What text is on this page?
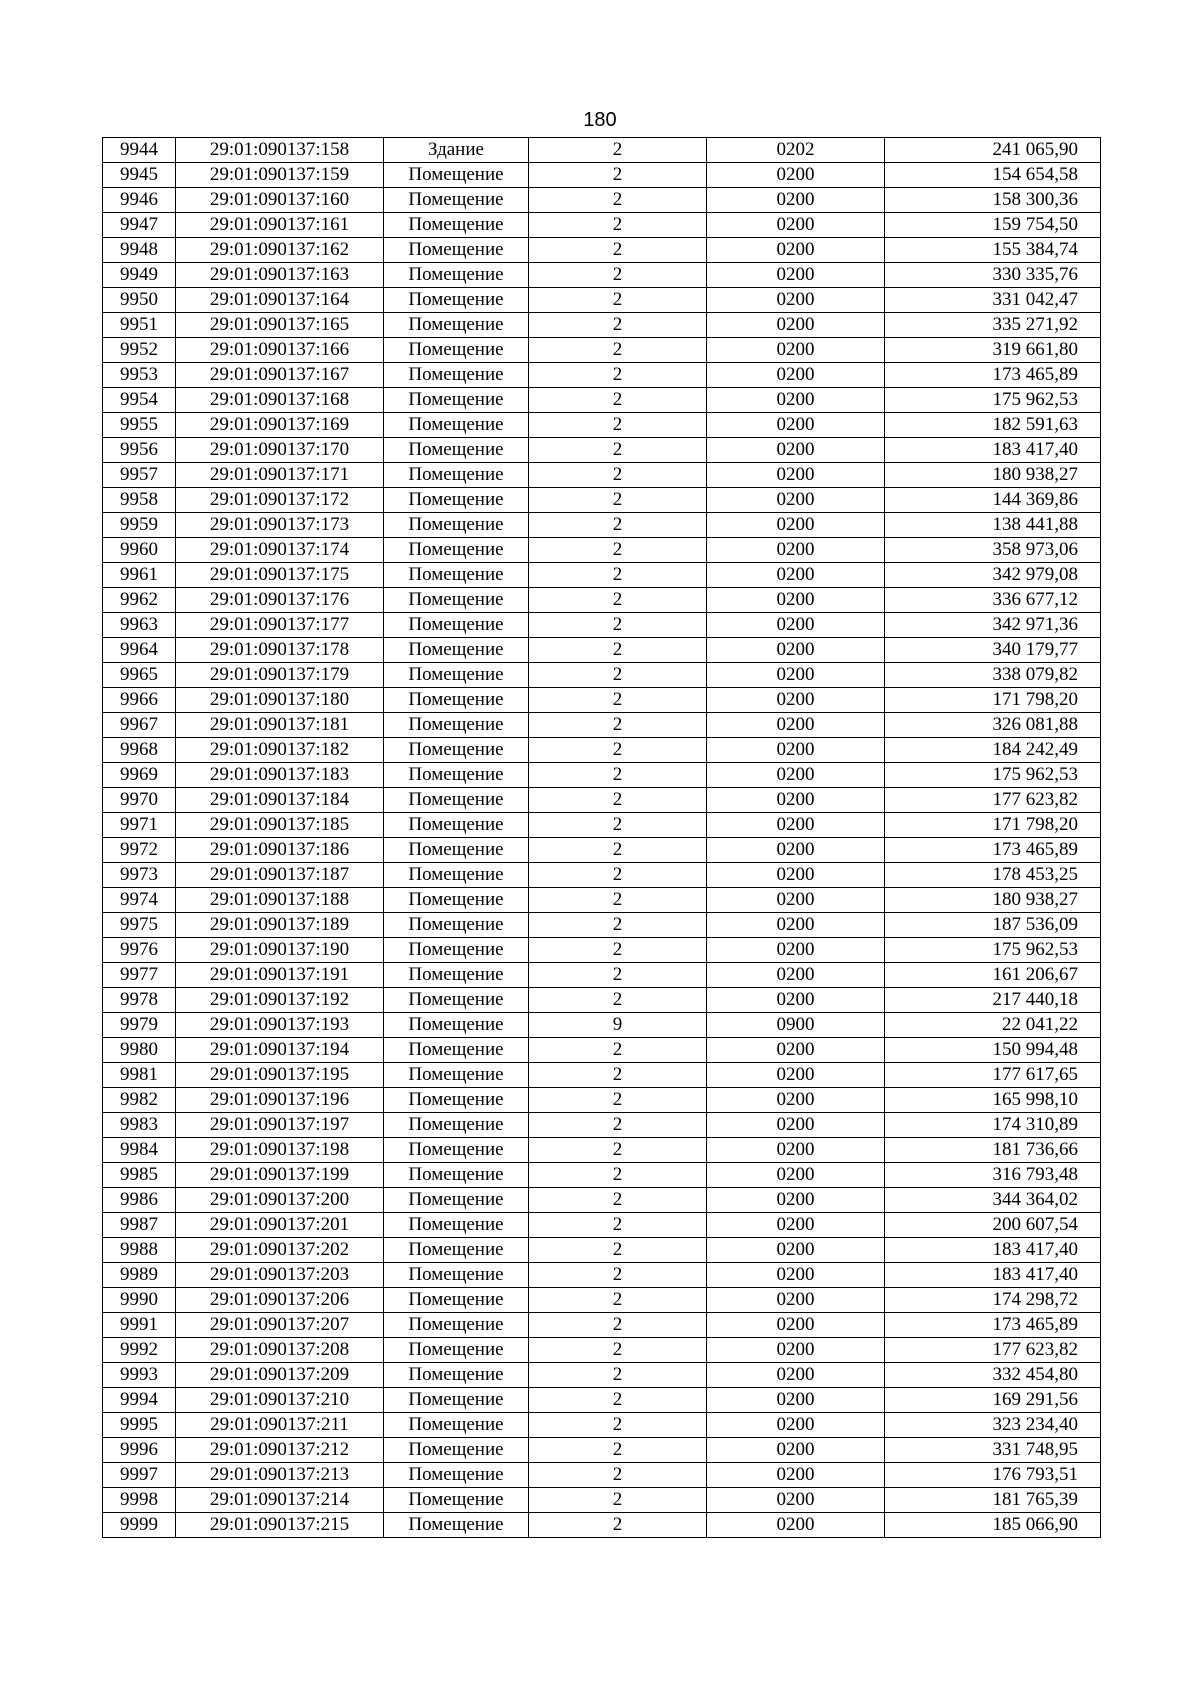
180
9944	29:01:090137:158	Здание	2	0202	241 065,90
9945	29:01:090137:159	Помещение	2	0200	154 654,58
9946	29:01:090137:160	Помещение	2	0200	158 300,36
9947	29:01:090137:161	Помещение	2	0200	159 754,50
9948	29:01:090137:162	Помещение	2	0200	155 384,74
9949	29:01:090137:163	Помещение	2	0200	330 335,76
9950	29:01:090137:164	Помещение	2	0200	331 042,47
9951	29:01:090137:165	Помещение	2	0200	335 271,92
9952	29:01:090137:166	Помещение	2	0200	319 661,80
9953	29:01:090137:167	Помещение	2	0200	173 465,89
9954	29:01:090137:168	Помещение	2	0200	175 962,53
9955	29:01:090137:169	Помещение	2	0200	182 591,63
9956	29:01:090137:170	Помещение	2	0200	183 417,40
9957	29:01:090137:171	Помещение	2	0200	180 938,27
9958	29:01:090137:172	Помещение	2	0200	144 369,86
9959	29:01:090137:173	Помещение	2	0200	138 441,88
9960	29:01:090137:174	Помещение	2	0200	358 973,06
9961	29:01:090137:175	Помещение	2	0200	342 979,08
9962	29:01:090137:176	Помещение	2	0200	336 677,12
9963	29:01:090137:177	Помещение	2	0200	342 971,36
9964	29:01:090137:178	Помещение	2	0200	340 179,77
9965	29:01:090137:179	Помещение	2	0200	338 079,82
9966	29:01:090137:180	Помещение	2	0200	171 798,20
9967	29:01:090137:181	Помещение	2	0200	326 081,88
9968	29:01:090137:182	Помещение	2	0200	184 242,49
9969	29:01:090137:183	Помещение	2	0200	175 962,53
9970	29:01:090137:184	Помещение	2	0200	177 623,82
9971	29:01:090137:185	Помещение	2	0200	171 798,20
9972	29:01:090137:186	Помещение	2	0200	173 465,89
9973	29:01:090137:187	Помещение	2	0200	178 453,25
9974	29:01:090137:188	Помещение	2	0200	180 938,27
9975	29:01:090137:189	Помещение	2	0200	187 536,09
9976	29:01:090137:190	Помещение	2	0200	175 962,53
9977	29:01:090137:191	Помещение	2	0200	161 206,67
9978	29:01:090137:192	Помещение	2	0200	217 440,18
9979	29:01:090137:193	Помещение	9	0900	22 041,22
9980	29:01:090137:194	Помещение	2	0200	150 994,48
9981	29:01:090137:195	Помещение	2	0200	177 617,65
9982	29:01:090137:196	Помещение	2	0200	165 998,10
9983	29:01:090137:197	Помещение	2	0200	174 310,89
9984	29:01:090137:198	Помещение	2	0200	181 736,66
9985	29:01:090137:199	Помещение	2	0200	316 793,48
9986	29:01:090137:200	Помещение	2	0200	344 364,02
9987	29:01:090137:201	Помещение	2	0200	200 607,54
9988	29:01:090137:202	Помещение	2	0200	183 417,40
9989	29:01:090137:203	Помещение	2	0200	183 417,40
9990	29:01:090137:206	Помещение	2	0200	174 298,72
9991	29:01:090137:207	Помещение	2	0200	173 465,89
9992	29:01:090137:208	Помещение	2	0200	177 623,82
9993	29:01:090137:209	Помещение	2	0200	332 454,80
9994	29:01:090137:210	Помещение	2	0200	169 291,56
9995	29:01:090137:211	Помещение	2	0200	323 234,40
9996	29:01:090137:212	Помещение	2	0200	331 748,95
9997	29:01:090137:213	Помещение	2	0200	176 793,51
9998	29:01:090137:214	Помещение	2	0200	181 765,39
9999	29:01:090137:215	Помещение	2	0200	185 066,90
